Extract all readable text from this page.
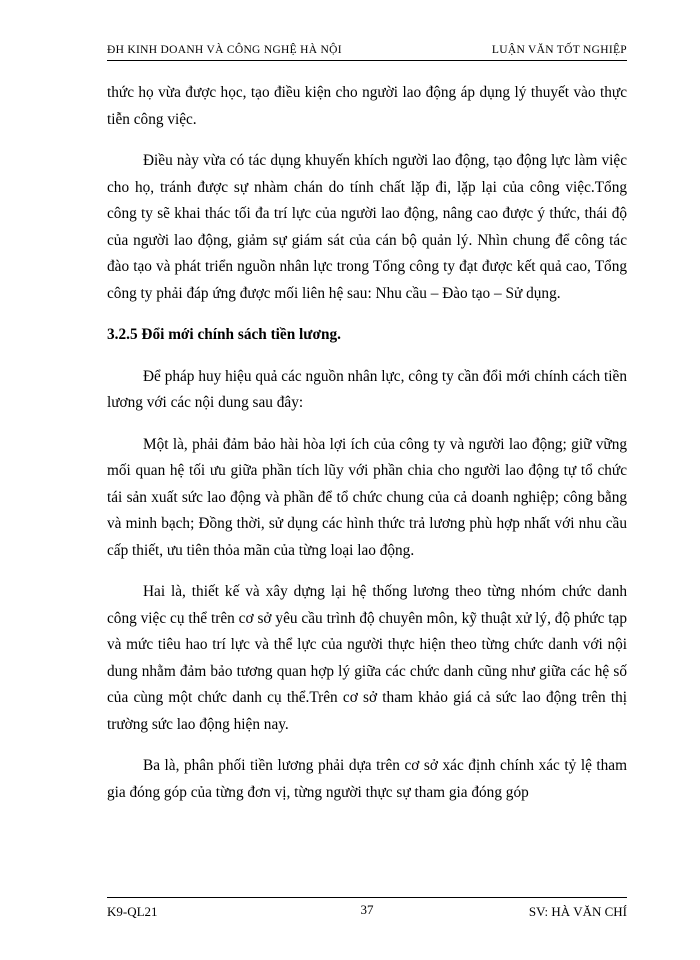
ĐH KINH DOANH VÀ CÔNG NGHỆ HÀ NỘI	LUẬN VĂN TỐT NGHIỆP

thức họ vừa được học, tạo điều kiện cho người lao động áp dụng lý thuyết vào thực tiễn công việc.

Điều này vừa có tác dụng khuyến khích người lao động, tạo động lực làm việc cho họ, tránh được sự nhàm chán do tính chất lặp đi, lặp lại của công việc.Tổng công ty sẽ khai thác tối đa trí lực của người lao động, nâng cao được ý thức, thái độ của người lao động, giảm sự giám sát của cán bộ quản lý. Nhìn chung để công tác đào tạo và phát triển nguồn nhân lực trong Tổng công ty đạt được kết quả cao, Tổng công ty phải đáp ứng được mối liên hệ sau: Nhu cầu – Đào tạo – Sử dụng.

3.2.5 Đổi mới chính sách tiền lương.

Để pháp huy hiệu quả các nguồn nhân lực, công ty cần đổi mới chính cách tiền lương với các nội dung sau đây:

Một là, phải đảm bảo hài hòa lợi ích của công ty và người lao động; giữ vững mối quan hệ tối ưu giữa phần tích lũy với phần chia cho người lao động tự tổ chức tái sản xuất sức lao động và phần để tổ chức chung của cả doanh nghiệp; công bằng và minh bạch; Đồng thời, sử dụng các hình thức trả lương phù hợp nhất với nhu cầu cấp thiết, ưu tiên thỏa mãn của từng loại lao động.

Hai là, thiết kế và xây dựng lại hệ thống lương theo từng nhóm chức danh công việc cụ thể trên cơ sở yêu cầu trình độ chuyên môn, kỹ thuật xử lý, độ phức tạp và mức tiêu hao trí lực và thể lực của người thực hiện theo từng chức danh với nội dung nhằm đảm bảo tương quan hợp lý giữa các chức danh cũng như giữa các hệ số của cùng một chức danh cụ thể.Trên cơ sở tham khảo giá cả sức lao động trên thị trường sức lao động hiện nay.

Ba là, phân phối tiền lương phải dựa trên cơ sở xác định chính xác tỷ lệ tham gia đóng góp của từng đơn vị, từng người thực sự tham gia đóng góp

K9-QL21	37	SV: HÀ VĂN CHÍ
